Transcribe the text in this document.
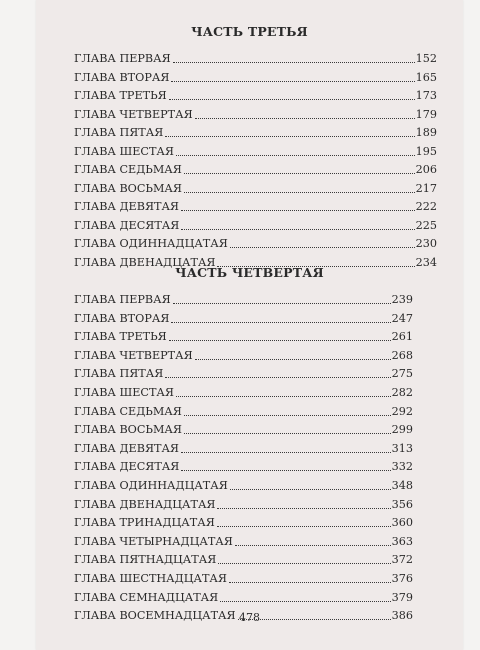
ЧАСТЬ ТРЕТЬЯ
ГЛАВА ПЕРВАЯ	152
ГЛАВА ВТОРАЯ	165
ГЛАВА ТРЕТЬЯ	173
ГЛАВА ЧЕТВЕРТАЯ	179
ГЛАВА ПЯТАЯ	189
ГЛАВА ШЕСТАЯ	195
ГЛАВА СЕДЬМАЯ	206
ГЛАВА ВОСЬМАЯ	217
ГЛАВА ДЕВЯТАЯ	222
ГЛАВА ДЕСЯТАЯ	225
ГЛАВА ОДИННАДЦАТАЯ	230
ГЛАВА ДВЕНАДЦАТАЯ	234
ЧАСТЬ ЧЕТВЕРТАЯ
ГЛАВА ПЕРВАЯ	239
ГЛАВА ВТОРАЯ	247
ГЛАВА ТРЕТЬЯ	261
ГЛАВА ЧЕТВЕРТАЯ	268
ГЛАВА ПЯТАЯ	275
ГЛАВА ШЕСТАЯ	282
ГЛАВА СЕДЬМАЯ	292
ГЛАВА ВОСЬМАЯ	299
ГЛАВА ДЕВЯТАЯ	313
ГЛАВА ДЕСЯТАЯ	332
ГЛАВА ОДИННАДЦАТАЯ	348
ГЛАВА ДВЕНАДЦАТАЯ	356
ГЛАВА ТРИНАДЦАТАЯ	360
ГЛАВА ЧЕТЫРНАДЦАТАЯ	363
ГЛАВА ПЯТНАДЦАТАЯ	372
ГЛАВА ШЕСТНАДЦАТАЯ	376
ГЛАВА СЕМНАДЦАТАЯ	379
ГЛАВА ВОСЕМНАДЦАТАЯ	386
478
